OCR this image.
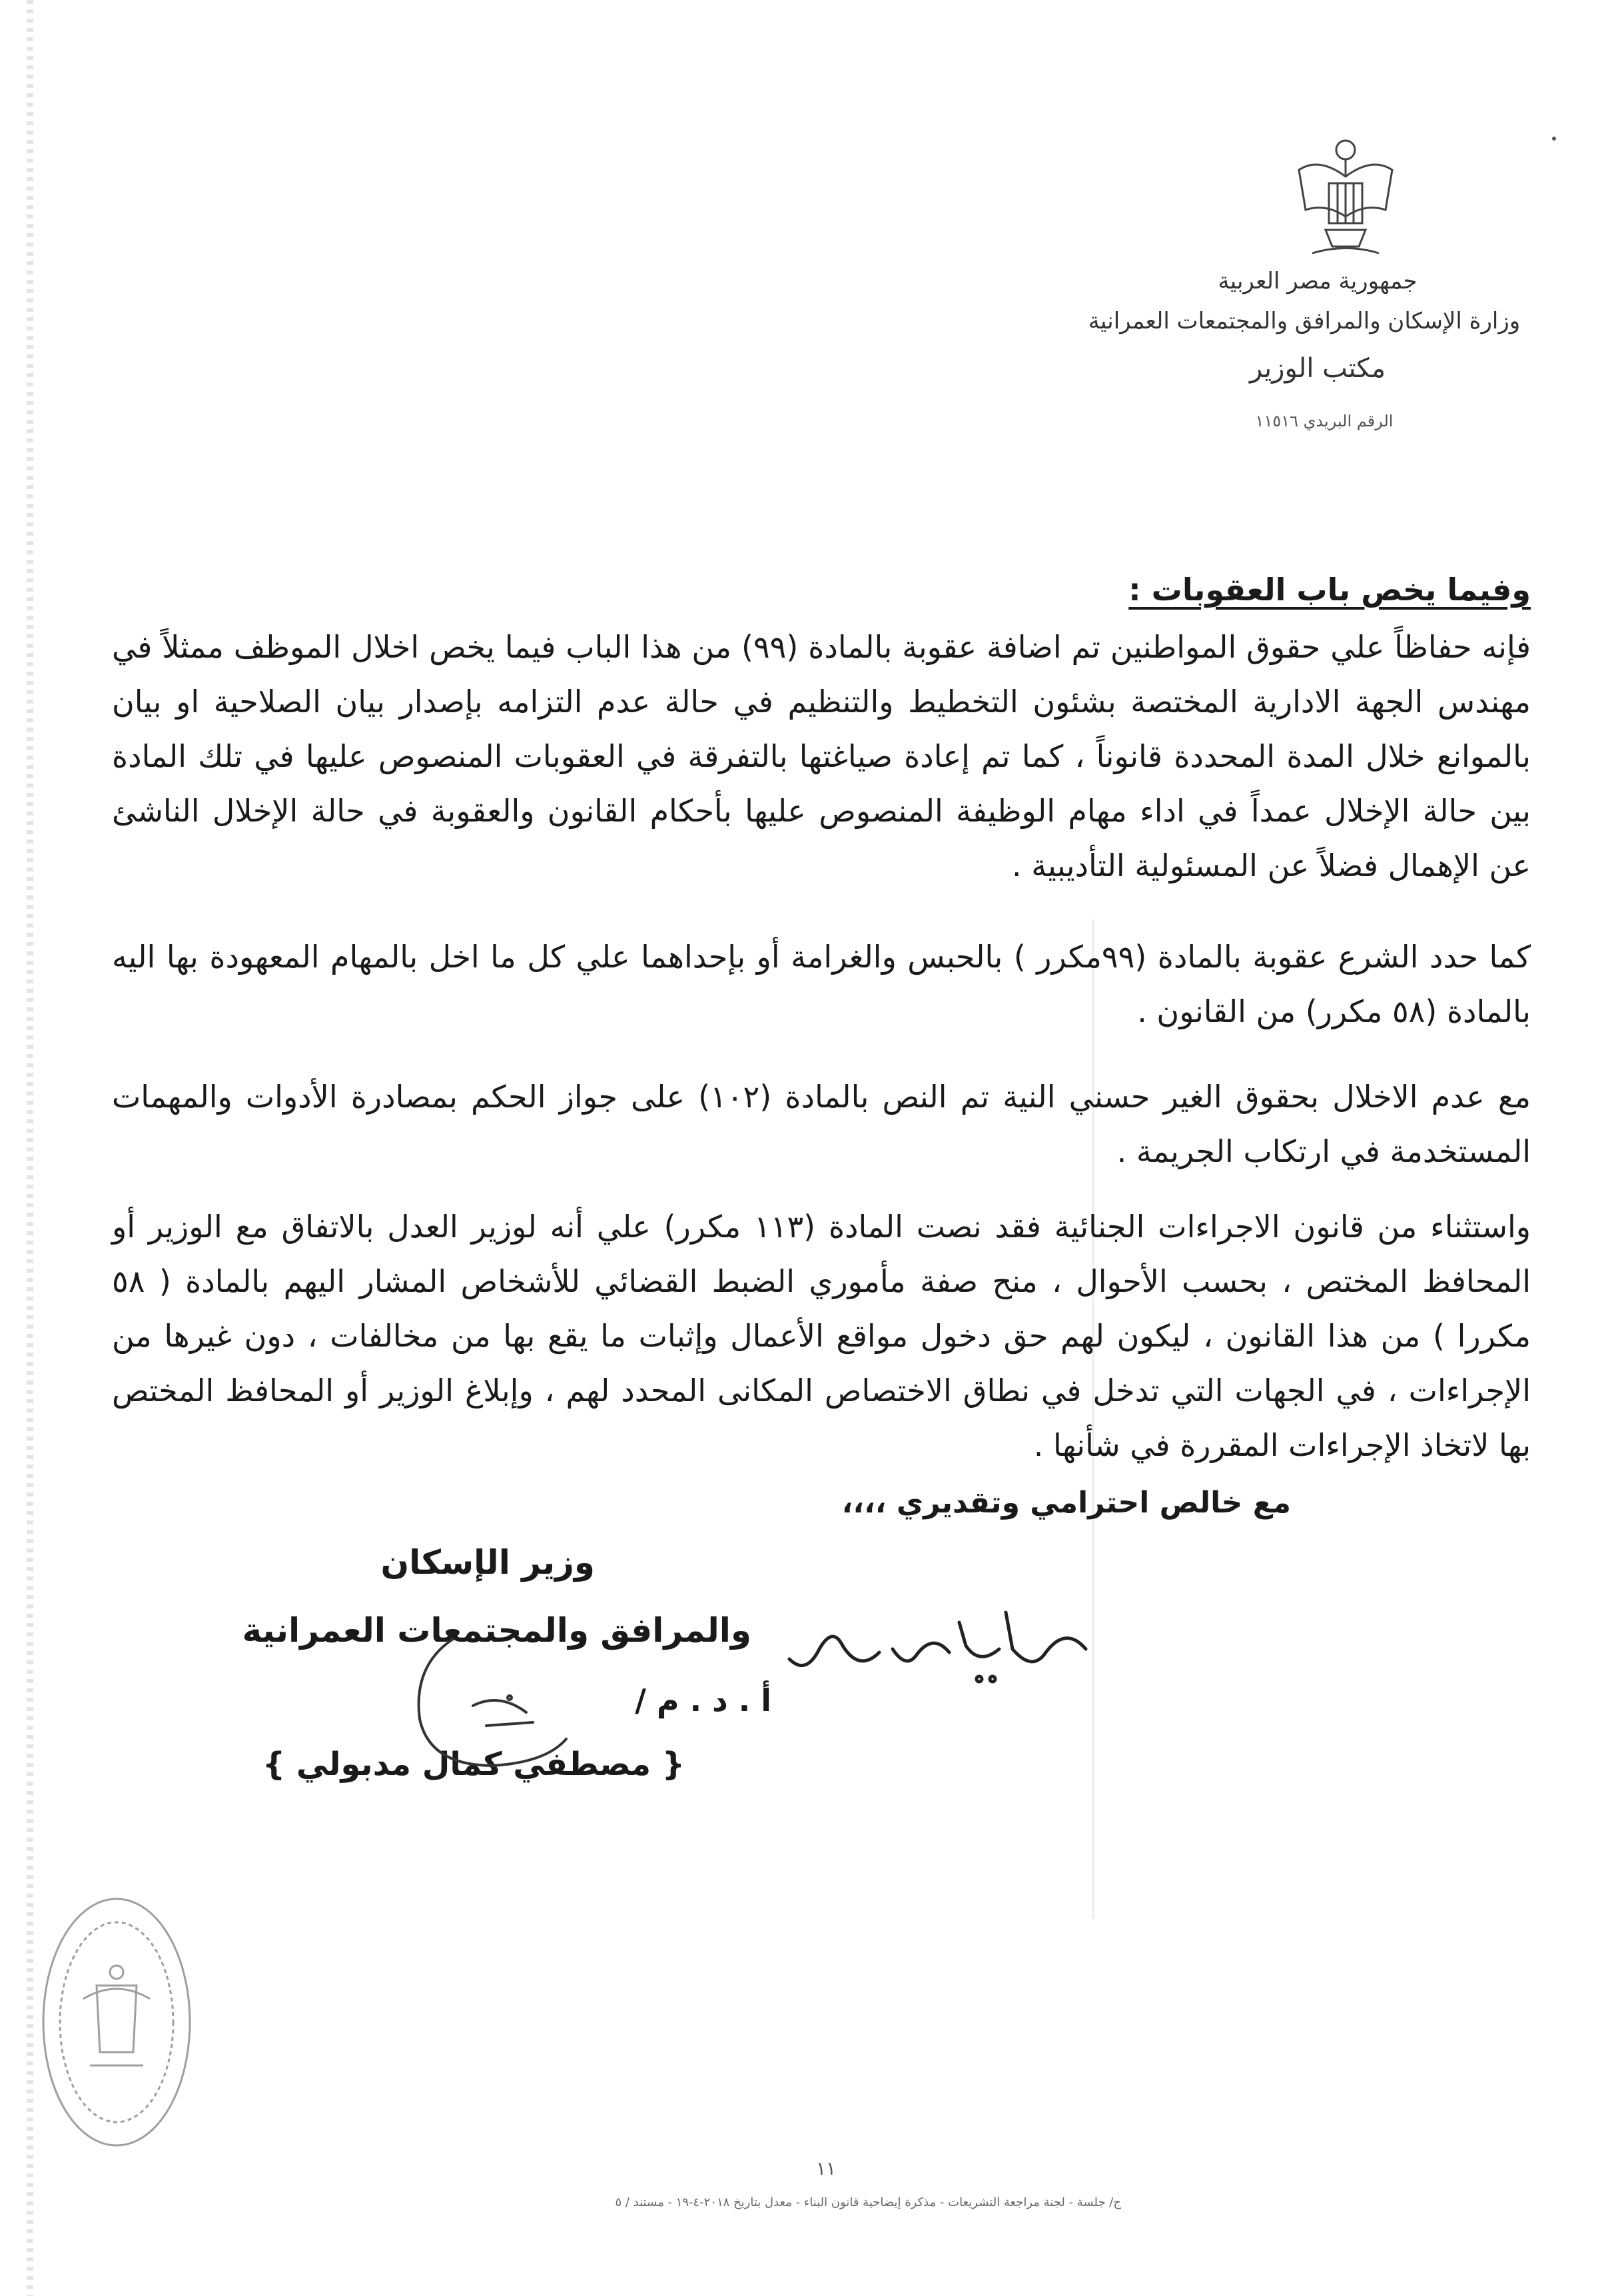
جمهورية مصر العربية
وزارة الإسكان والمرافق والمجتمعات العمرانية
مكتب الوزير
الرقم البريدي ١١٥١٦
وفيما يخص باب العقوبات :

فإنه حفاظاً علي حقوق المواطنين تم اضافة عقوبة بالمادة (٩٩) من هذا الباب فيما يخص اخلال الموظف ممثلاً في مهندس الجهة الادارية المختصة بشئون التخطيط والتنظيم في حالة عدم التزامه بإصدار بيان الصلاحية او بيان بالموانع خلال المدة المحددة قانوناً ، كما تم إعادة صياغتها بالتفرقة في العقوبات المنصوص عليها في تلك المادة بين حالة الإخلال عمداً في اداء مهام الوظيفة المنصوص عليها بأحكام القانون والعقوبة في حالة الإخلال الناشئ عن الإهمال فضلاً عن المسئولية التأديبية .

كما حدد الشرع عقوبة بالمادة (٩٩مكرر ) بالحبس والغرامة أو بإحداهما علي كل ما اخل بالمهام المعهودة بها اليه بالمادة (٥٨ مكرر) من القانون .

مع عدم الاخلال بحقوق الغير حسني النية تم النص بالمادة (١٠٢) على جواز الحكم بمصادرة الأدوات والمهمات المستخدمة في ارتكاب الجريمة .

واستثناء من قانون الاجراءات الجنائية فقد نصت المادة (١١٣ مكرر) علي أنه لوزير العدل بالاتفاق مع الوزير أو المحافظ المختص ، بحسب الأحوال ، منح صفة مأموري الضبط القضائي للأشخاص المشار اليهم بالمادة ( ٥٨ مكررا ) من هذا القانون ، ليكون لهم حق دخول مواقع الأعمال وإثبات ما يقع بها من مخالفات ، دون غيرها من الإجراءات ، في الجهات التي تدخل في نطاق الاختصاص المكانى المحدد لهم ، وإبلاغ الوزير أو المحافظ المختص بها لاتخاذ الإجراءات المقررة في شأنها .

مع خالص احترامي وتقديري ،،،،
وزير الإسكان
والمرافق والمجتمعات العمرانية
أ . د . م /
{ مصطفي كمال مدبولي }
١١
ج/ جلسة - لجنة مراجعة التشريعات - مذكرة إيضاحية قانون البناء - معدل بتاريخ ٢٠١٨-٤-١٩ - مستند / ٥
